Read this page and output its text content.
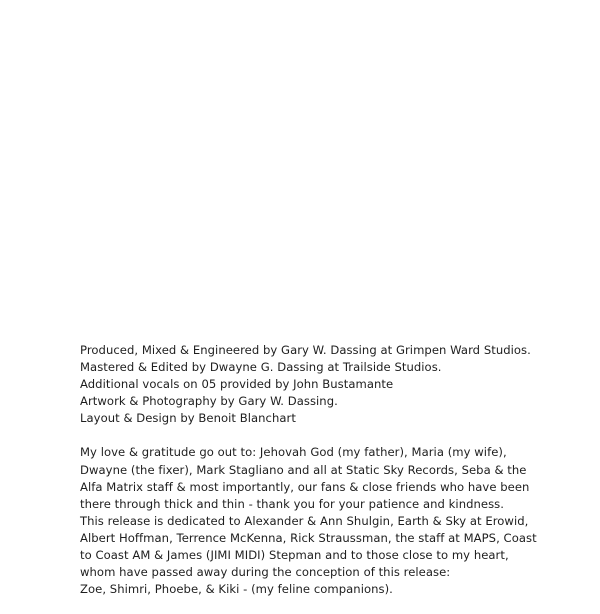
Produced, Mixed & Engineered by Gary W. Dassing at Grimpen Ward Studios.
Mastered & Edited by Dwayne G. Dassing at Trailside Studios.
Additional vocals on 05 provided by John Bustamante
Artwork & Photography by Gary W. Dassing.
Layout & Design by Benoit Blanchart
My love & gratitude go out to: Jehovah God (my father), Maria (my wife),
Dwayne (the fixer), Mark Stagliano and all at Static Sky Records, Seba & the
Alfa Matrix staff & most importantly, our fans & close friends who have been
there through thick and thin - thank you for your patience and kindness.
This release is dedicated to Alexander & Ann Shulgin, Earth & Sky at Erowid,
Albert Hoffman, Terrence McKenna, Rick Straussman, the staff at MAPS, Coast
to Coast AM & James (JIMI MIDI) Stepman and to those close to my heart,
whom have passed away during the conception of this release:
Zoe, Shimri, Phoebe, & Kiki - (my feline companions).
